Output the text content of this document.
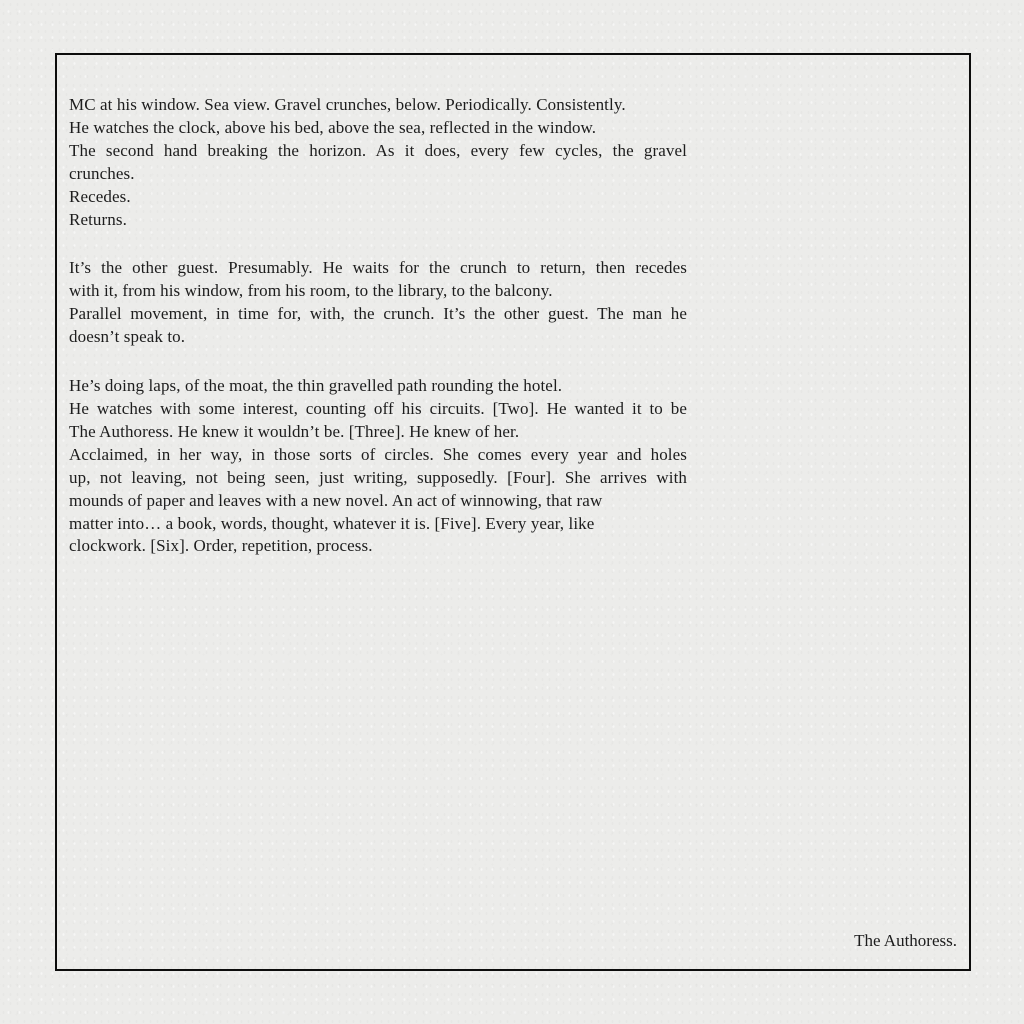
MC at his window. Sea view. Gravel crunches, below. Periodically. Consistently.
He watches the clock, above his bed, above the sea, reflected in the window.
The second hand breaking the horizon. As it does, every few cycles, the gravel
crunches.
Recedes.
Returns.
It’s the other guest. Presumably. He waits for the crunch to return, then recedes
with it, from his window, from his room, to the library, to the balcony.
Parallel movement, in time for, with, the crunch. It’s the other guest. The man he
doesn’t speak to.
He’s doing laps, of the moat, the thin gravelled path rounding the hotel.
He watches with some interest, counting off his circuits. [Two]. He wanted it to be
The Authoress. He knew it wouldn’t be. [Three]. He knew of her.
Acclaimed, in her way, in those sorts of circles. She comes every year and holes
up, not leaving, not being seen, just writing, supposedly. [Four]. She arrives with
mounds of paper and leaves with a new novel. An act of winnowing, that raw
matter into… a book, words, thought, whatever it is. [Five]. Every year, like
clockwork. [Six]. Order, repetition, process.
The Authoress.
